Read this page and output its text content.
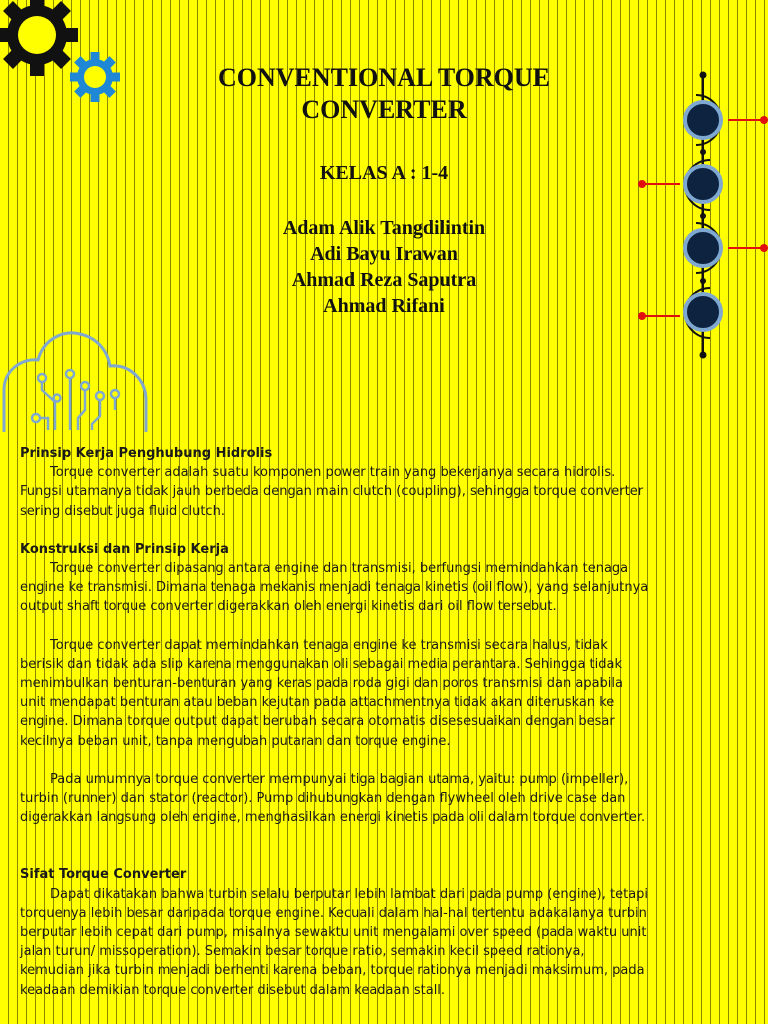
CONVENTIONAL TORQUE
CONVERTER
KELAS A : 1-4
Adam Alik Tangdilintin
Adi Bayu Irawan
Ahmad Reza Saputra
Ahmad Rifani
Prinsip Kerja Penghubung Hidrolis

Torque converter adalah suatu komponen power train yang bekerjanya secara hidrolis. Fungsi utamanya tidak jauh berbeda dengan main clutch (coupling), sehingga torque converter sering disebut juga fluid clutch.

Konstruksi dan Prinsip Kerja

Torque converter dipasang antara engine dan transmisi, berfungsi memindahkan tenaga engine ke transmisi. Dimana tenaga mekanis menjadi tenaga kinetis (oil flow), yang selanjutnya output shaft torque converter digerakkan oleh energi kinetis dari oil flow tersebut.

Torque converter dapat memindahkan tenaga engine ke transmisi secara halus, tidak berisik dan tidak ada slip karena menggunakan oli sebagai media perantara. Sehingga tidak menimbulkan benturan-benturan yang keras pada roda gigi dan poros transmisi dan apabila unit mendapat benturan atau beban kejutan pada attachmentnya tidak akan diteruskan ke engine. Dimana torque output dapat berubah secara otomatis disesesuaikan dengan besar kecilnya beban unit, tanpa mengubah putaran dan torque engine.

Pada umumnya torque converter mempunyai tiga bagian utama, yaitu: pump (impeller), turbin (runner) dan stator (reactor). Pump dihubungkan dengan flywheel oleh drive case dan digerakkan langsung oleh engine, menghasilkan energi kinetis pada oli dalam torque converter.

Sifat Torque Converter

Dapat dikatakan bahwa turbin selalu berputar lebih lambat dari pada pump (engine), tetapi torquenya lebih besar daripada torque engine. Kecuali dalam hal-hal tertentu adakalanya turbin berputar lebih cepat dari pump, misalnya sewaktu unit mengalami over speed (pada waktu unit jalan turun/ missoperation). Semakin besar torque ratio, semakin kecil speed rationya, kemudian jika turbin menjadi berhenti karena beban, torque rationya menjadi maksimum, pada keadaan demikian torque converter disebut dalam keadaan stall.
